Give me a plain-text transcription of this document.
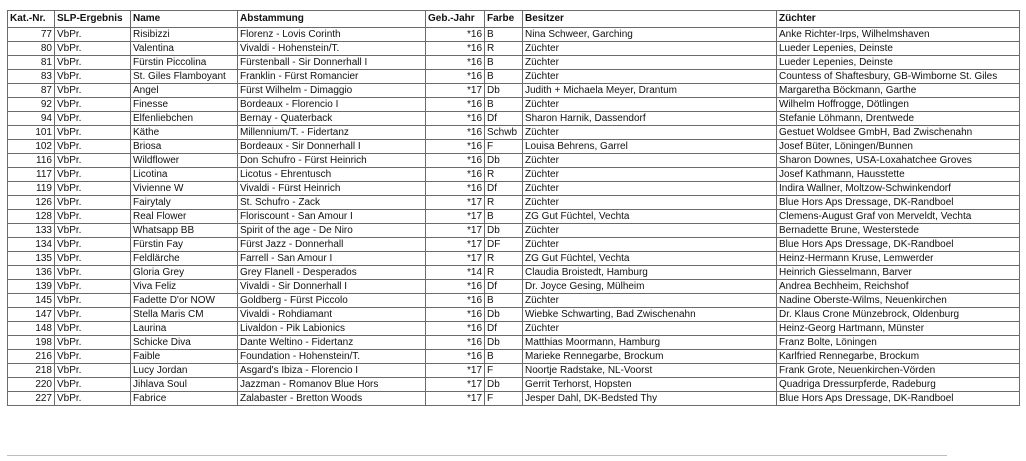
Kat.-Nr.	SLP-Ergebnis	Name	Abstammung	Geb.-Jahr	Farbe	Besitzer	Züchter
77	VbPr.	Risibizzi	Florenz - Lovis Corinth	*16	B	Nina Schweer, Garching	Anke Richter-Irps, Wilhelmshaven
80	VbPr.	Valentina	Vivaldi - Hohenstein/T.	*16	R	Züchter	Lueder Lepenies, Deinste
81	VbPr.	Fürstin Piccolina	Fürstenball - Sir Donnerhall I	*16	B	Züchter	Lueder Lepenies, Deinste
83	VbPr.	St. Giles Flamboyant	Franklin - Fürst Romancier	*16	B	Züchter	Countess of Shaftesbury, GB-Wimborne St. Giles
87	VbPr.	Angel	Fürst Wilhelm - Dimaggio	*17	Db	Judith + Michaela Meyer, Drantum	Margaretha Böckmann, Garthe
92	VbPr.	Finesse	Bordeaux - Florencio I	*16	B	Züchter	Wilhelm Hoffrogge, Dötlingen
94	VbPr.	Elfenliebchen	Bernay - Quaterback	*16	Df	Sharon Harnik, Dassendorf	Stefanie Löhmann, Drentwede
101	VbPr.	Käthe	Millennium/T. - Fidertanz	*16	Schwb	Züchter	Gestuet Woldsee GmbH, Bad Zwischenahn
102	VbPr.	Briosa	Bordeaux - Sir Donnerhall I	*16	F	Louisa Behrens, Garrel	Josef Büter, Löningen/Bunnen
116	VbPr.	Wildflower	Don Schufro - Fürst Heinrich	*16	Db	Züchter	Sharon Downes, USA-Loxahatchee Groves
117	VbPr.	Licotina	Licotus - Ehrentusch	*16	R	Züchter	Josef Kathmann, Hausstette
119	VbPr.	Vivienne W	Vivaldi - Fürst Heinrich	*16	Df	Züchter	Indira Wallner, Moltzow-Schwinkendorf
126	VbPr.	Fairytaly	St. Schufro - Zack	*17	R	Züchter	Blue Hors Aps Dressage, DK-Randboel
128	VbPr.	Real Flower	Floriscount - San Amour I	*17	B	ZG Gut Füchtel, Vechta	Clemens-August Graf von Merveldt, Vechta
133	VbPr.	Whatsapp BB	Spirit of the age - De Niro	*17	Db	Züchter	Bernadette Brune, Westerstede
134	VbPr.	Fürstin Fay	Fürst Jazz - Donnerhall	*17	DF	Züchter	Blue Hors Aps Dressage, DK-Randboel
135	VbPr.	Feldlärche	Farrell - San Amour I	*17	R	ZG Gut Füchtel, Vechta	Heinz-Hermann Kruse, Lemwerder
136	VbPr.	Gloria Grey	Grey Flanell - Desperados	*14	R	Claudia Broistedt, Hamburg	Heinrich Giesselmann, Barver
139	VbPr.	Viva Feliz	Vivaldi - Sir Donnerhall I	*16	Df	Dr. Joyce Gesing, Mülheim	Andrea Bechheim, Reichshof
145	VbPr.	Fadette D'or NOW	Goldberg - Fürst Piccolo	*16	B	Züchter	Nadine Oberste-Wilms, Neuenkirchen
147	VbPr.	Stella Maris CM	Vivaldi - Rohdiamant	*16	Db	Wiebke Schwarting, Bad Zwischenahn	Dr. Klaus Crone Münzebrock, Oldenburg
148	VbPr.	Laurina	Livaldon - Pik Labionics	*16	Df	Züchter	Heinz-Georg Hartmann, Münster
198	VbPr.	Schicke Diva	Dante Weltino - Fidertanz	*16	Db	Matthias Moormann, Hamburg	Franz Bolte, Löningen
216	VbPr.	Faible	Foundation - Hohenstein/T.	*16	B	Marieke Rennegarbe, Brockum	Karlfried Rennegarbe, Brockum
218	VbPr.	Lucy Jordan	Asgard's Ibiza - Florencio I	*17	F	Noortje Radstake, NL-Voorst	Frank Grote, Neuenkirchen-Vörden
220	VbPr.	Jihlava Soul	Jazzman - Romanov Blue Hors	*17	Db	Gerrit Terhorst, Hopsten	Quadriga Dressurpferde, Radeburg
227	VbPr.	Fabrice	Zalabaster - Bretton Woods	*17	F	Jesper Dahl, DK-Bedsted Thy	Blue Hors Aps Dressage, DK-Randboel
